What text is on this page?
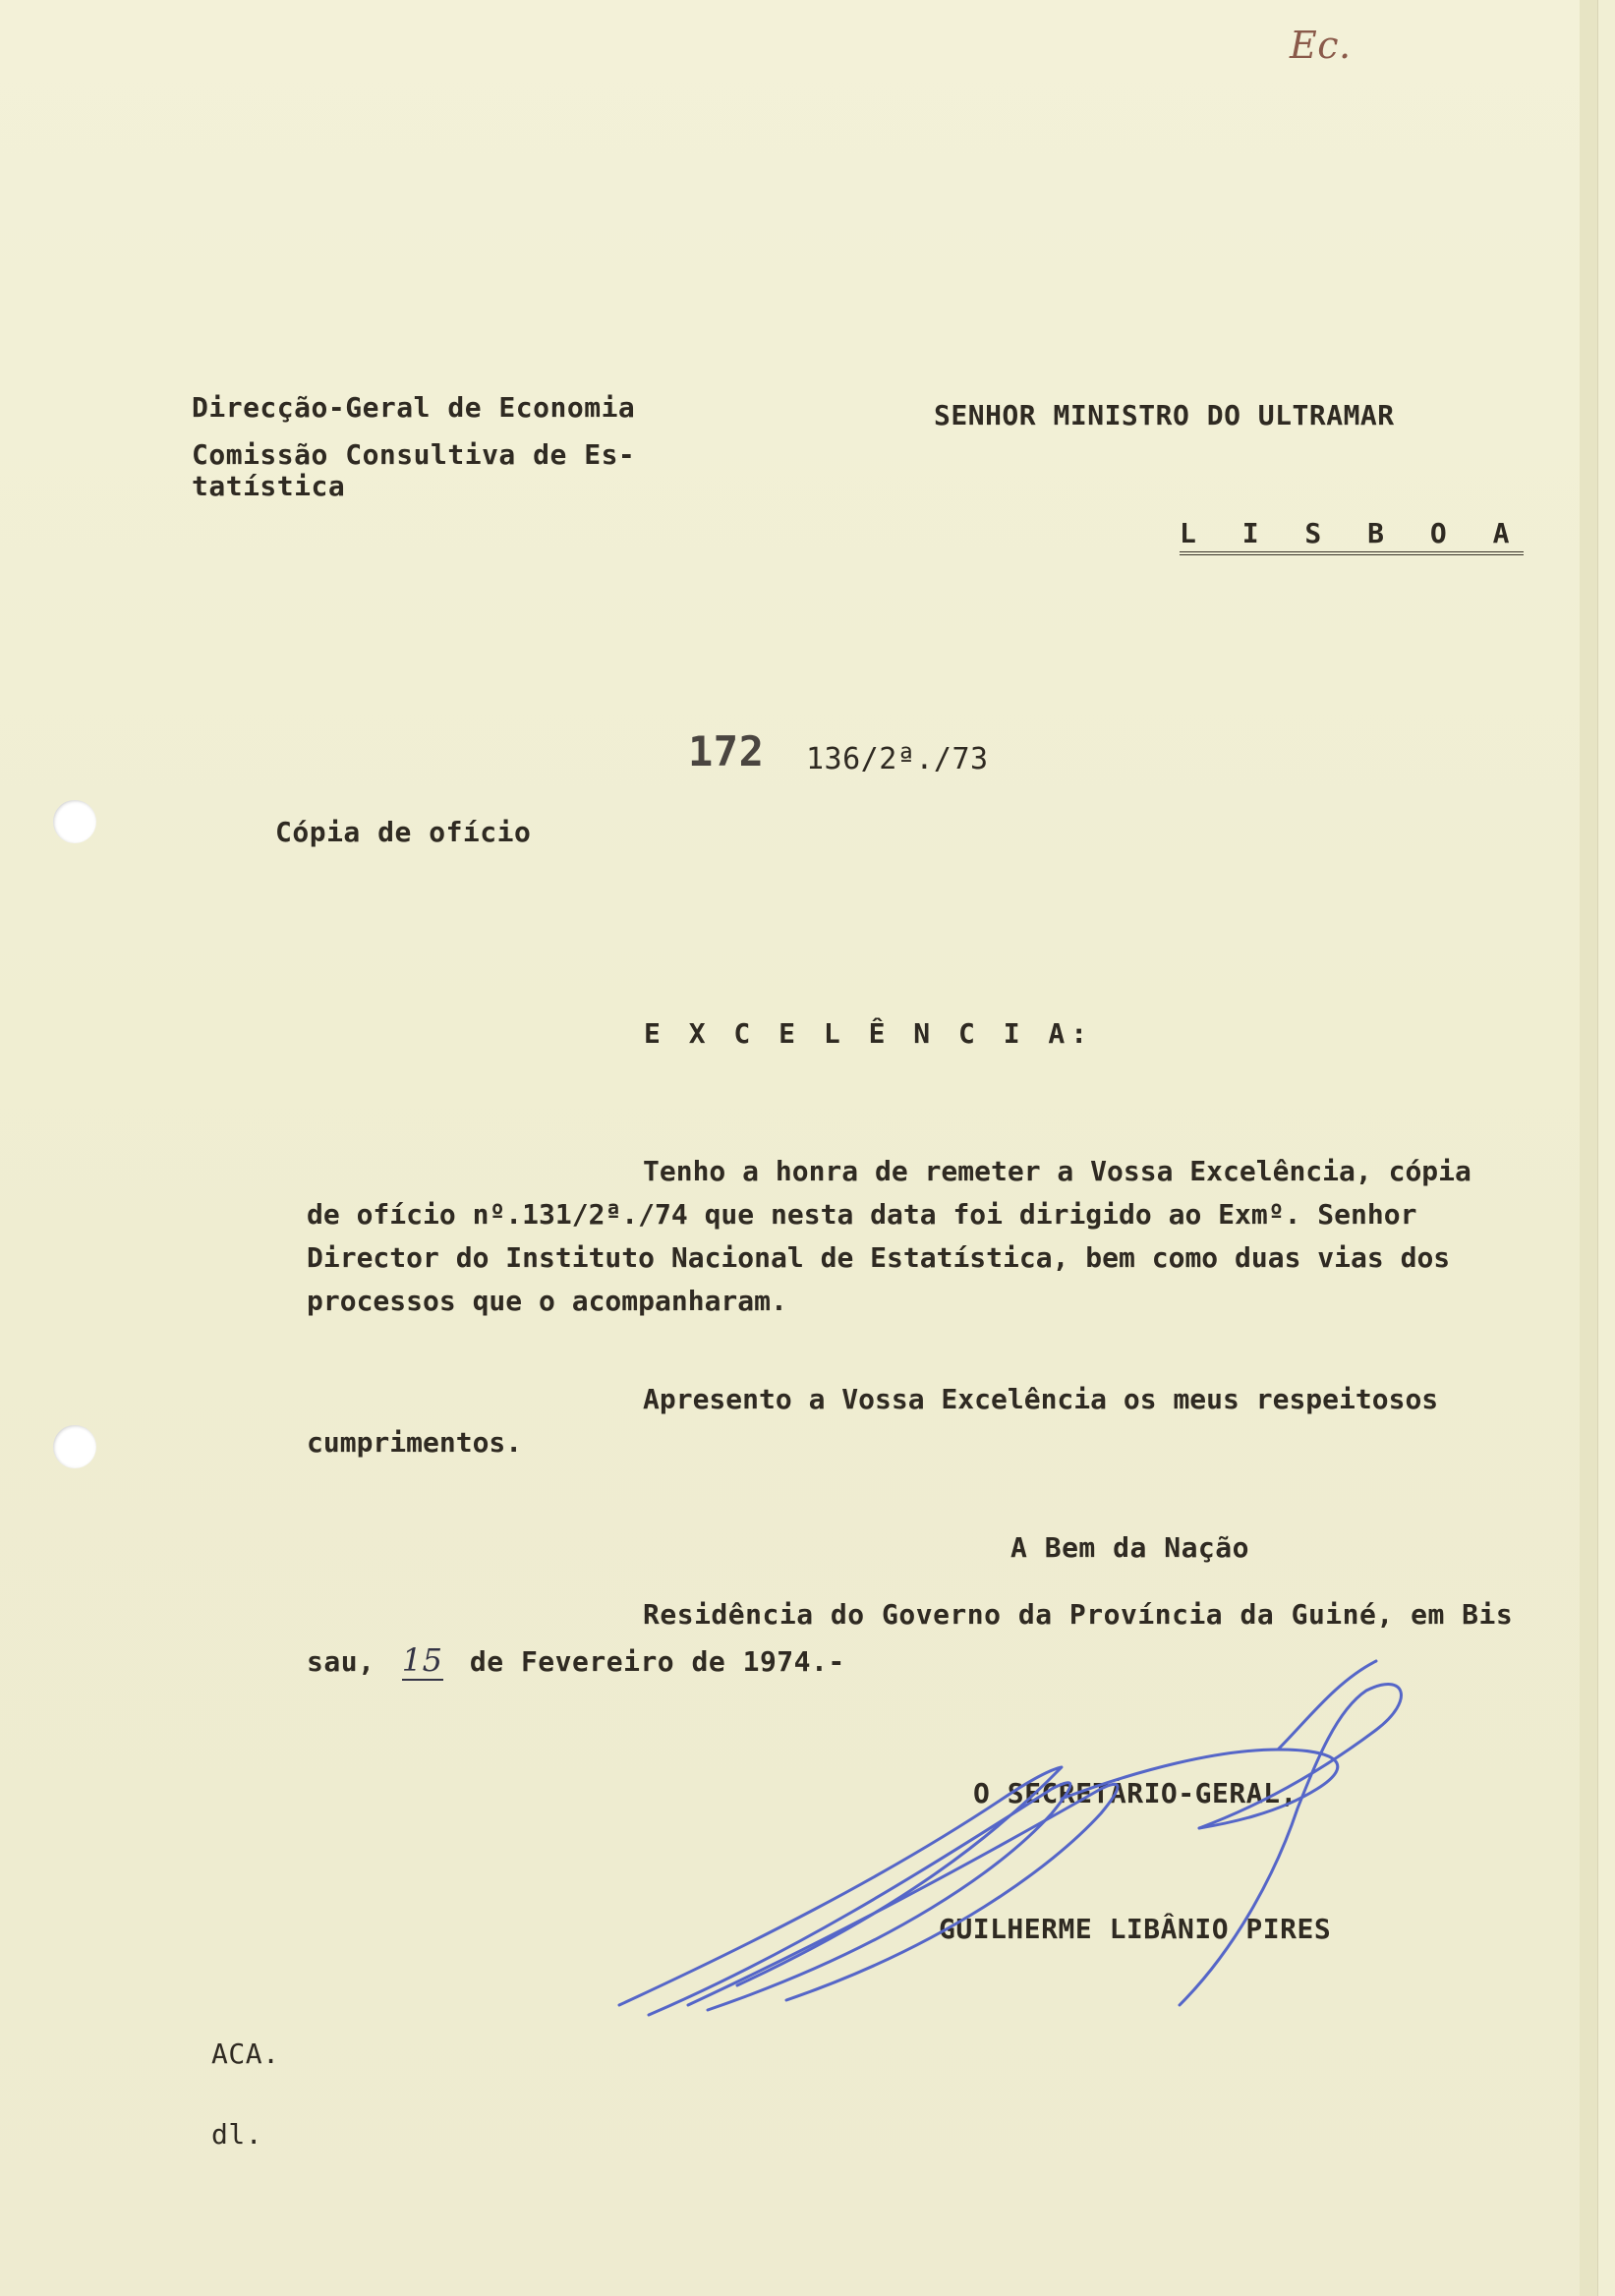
Ec.
Direcção-Geral de Economia
Comissão Consultiva de Es-
tatística
SENHOR MINISTRO DO ULTRAMAR
L I S B O A
172 136/2ª./73
Cópia de ofício
E X C E L Ê N C I A:
Tenho a honra de remeter a Vossa Excelência, cópia
de ofício nº.131/2ª./74 que nesta data foi dirigido ao Exmº. Senhor
Director do Instituto Nacional de Estatística, bem como duas vias dos
processos que o acompanharam.
Apresento a Vossa Excelência os meus respeitosos
cumprimentos.
A Bem da Nação
Residência do Governo da Província da Guiné, em Bis
sau, 15 de Fevereiro de 1974.-
O SECRETÁRIO-GERAL,
GUILHERME LIBÂNIO PIRES
ACA.
dl.
